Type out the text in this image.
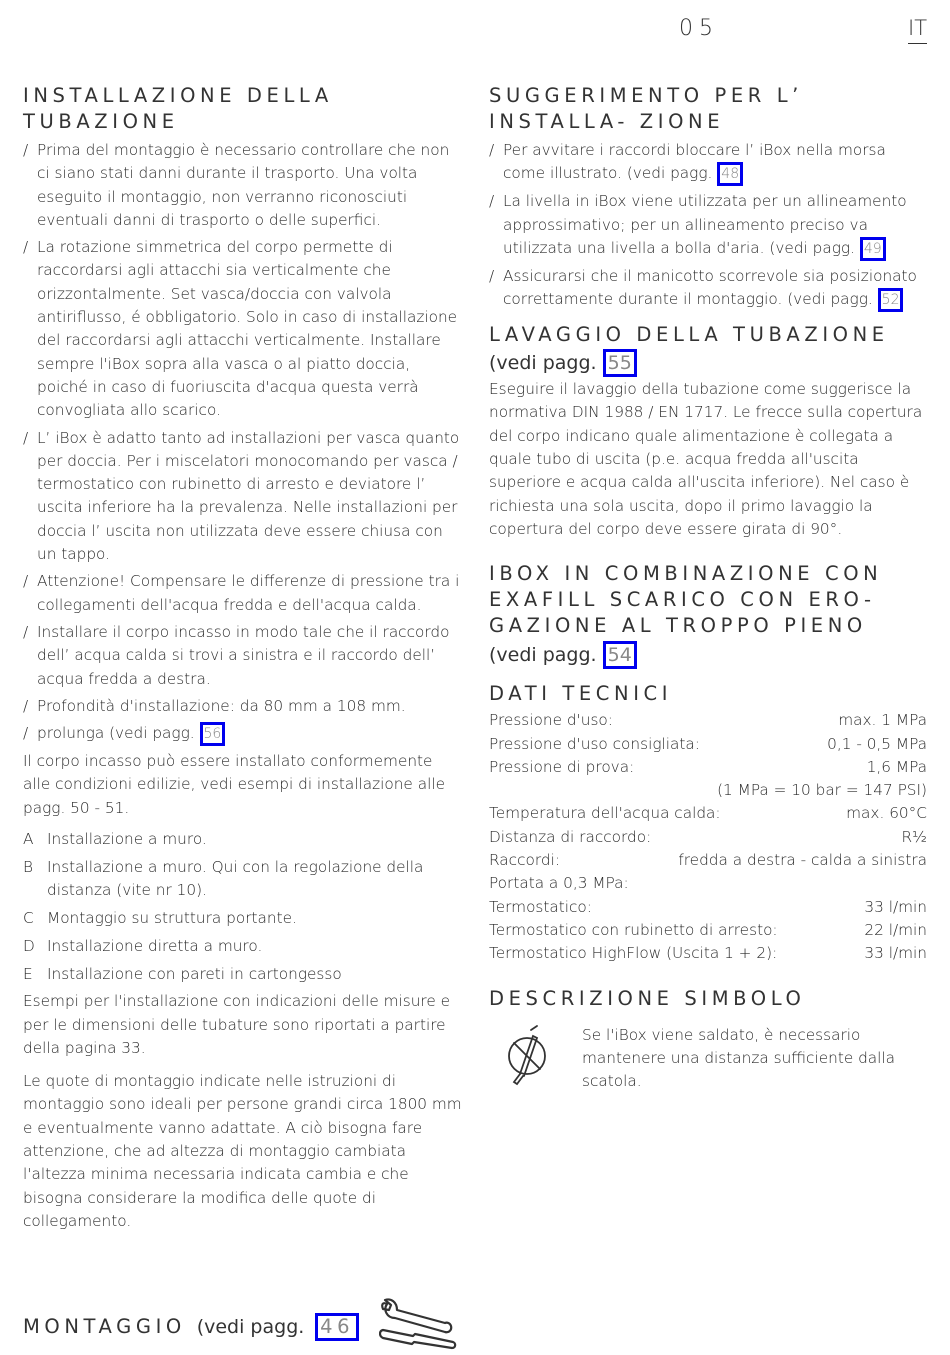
05	IT
INSTALLAZIONE DELLA TUBAZIONE
/ Prima del montaggio è necessario controllare che non ci siano stati danni durante il trasporto. Una volta eseguito il montaggio, non verranno riconosciuti eventuali danni di trasporto o delle superfici.
/ La rotazione simmetrica del corpo permette di raccordarsi agli attacchi sia verticalmente che orizzontalmente. Set vasca/doccia con valvola antiriflusso, é obbligatorio. Solo in caso di installazione del raccordarsi agli attacchi verticalmente. Installare sempre l'iBox sopra alla vasca o al piatto doccia, poiché in caso di fuoriuscita d'acqua questa verrà convogliata allo scarico.
/ L’ iBox è adatto tanto ad installazioni per vasca quanto per doccia. Per i miscelatori monocomando per vasca / termostatico con rubinetto di arresto e deviatore l’ uscita inferiore ha la prevalenza. Nelle installazioni per doccia l’ uscita non utilizzata deve essere chiusa con un tappo.
/ Attenzione! Compensare le differenze di pressione tra i collegamenti dell'acqua fredda e dell'acqua calda.
/ Installare il corpo incasso in modo tale che il raccordo dell’ acqua calda si trovi a sinistra e il raccordo dell’ acqua fredda a destra.
/ Profondità d'installazione: da 80 mm a 108 mm.
/ prolunga (vedi pagg. 56

Il corpo incasso può essere installato conformemente alle condizioni edilizie, vedi esempi di installazione alle pagg. 50 - 51.

A Installazione a muro.
B Installazione a muro. Qui con la regolazione della distanza (vite nr 10).
C Montaggio su struttura portante.
D Installazione diretta a muro.
E Installazione con pareti in cartongesso

Esempi per l'installazione con indicazioni delle misure e per le dimensioni delle tubature sono riportati a partire della pagina 33.

Le quote di montaggio indicate nelle istruzioni di montaggio sono ideali per persone grandi circa 1800 mm e eventualmente vanno adattate. A ciò bisogna fare attenzione, che ad altezza di montaggio cambiata l'altezza minima necessaria indicata cambia e che bisogna considerare la modifica delle quote di collegamento.

MONTAGGIO (vedi pagg. 46
SUGGERIMENTO PER L’ INSTALLA- ZIONE
/ Per avvitare i raccordi bloccare l’ iBox nella morsa come illustrato. (vedi pagg. 48
/ La livella in iBox viene utilizzata per un allineamento approssimativo; per un allineamento preciso va utilizzata una livella a bolla d'aria. (vedi pagg. 49
/ Assicurarsi che il manicotto scorrevole sia posizionato correttamente durante il montaggio. (vedi pagg. 52
LAVAGGIO DELLA TUBAZIONE
(vedi pagg. 55

Eseguire il lavaggio della tubazione come suggerisce la normativa DIN 1988 / EN 1717. Le frecce sulla copertura del corpo indicano quale alimentazione è collegata a quale tubo di uscita (p.e. acqua fredda all'uscita superiore e acqua calda all'uscita inferiore). Nel caso è richiesta una sola uscita, dopo il primo lavaggio la copertura del corpo deve essere girata di 90°.

IBOX IN COMBINAZIONE CON
EXAFILL SCARICO CON ERO-
GAZIONE AL TROPPO PIENO
(vedi pagg. 54
DATI TECNICI
Pressione d'uso:	max. 1 MPa
Pressione d'uso consigliata:	0,1 - 0,5 MPa
Pressione di prova:	1,6 MPa
(1 MPa = 10 bar = 147 PSI)
Temperatura dell'acqua calda:	max. 60°C
Distanza di raccordo:	R½
Raccordi:	fredda a destra - calda a sinistra
Portata a 0,3 MPa:
Termostatico:	33 l/min
Termostatico con rubinetto di arresto:	22 l/min
Termostatico HighFlow (Uscita 1 + 2):	33 l/min
DESCRIZIONE SIMBOLO

Se l'iBox viene saldato, è necessario mantenere una distanza sufficiente dalla scatola.
